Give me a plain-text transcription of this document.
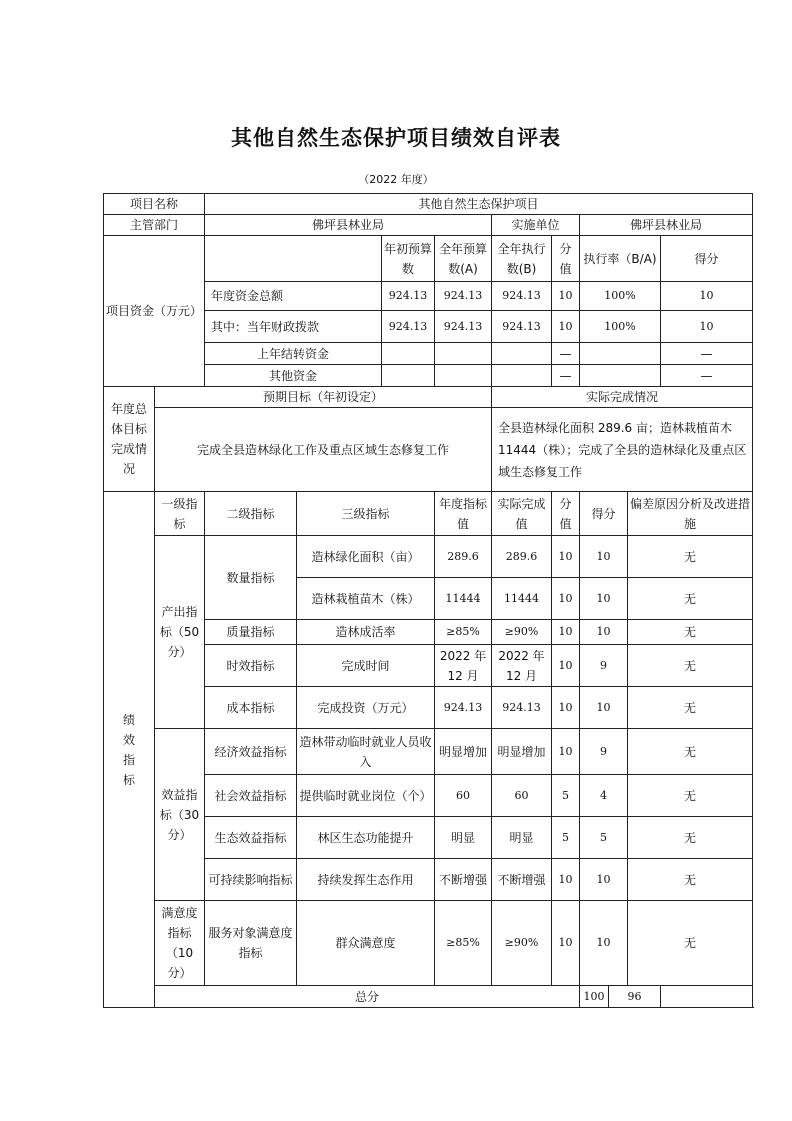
其他自然生态保护项目绩效自评表
（2022 年度）
项目名称		其他自然生态保护项目									
主管部门		佛坪县林业局				实施单位		佛坪县林业局			
项目资金（万元）				年初预算数	全年预算数(A)	全年执行数(B)	分值	执行率（B/A)			得分
		年度资金总额		924.13	924.13	924.13	10	100%			10
		其中：当年财政拨款		924.13	924.13	924.13	10	100%			10
		上年结转资金					—				—
		其他资金					—				—
年度总体目标完成情况	预期目标（年初设定）					实际完成情况					
	完成全县造林绿化工作及重点区域生态修复工作					全县造林绿化面积 289.6 亩；造林栽植苗木 11444（株）；完成了全县的造林绿化及重点区域生态修复工作					
绩效指标	一级指标	二级指标	三级指标		年度指标值	实际完成值	分值	得分		偏差原因分析及改进措施	
	产出指标（50分）	数量指标	造林绿化面积（亩）		289.6	289.6	10	10		无	
			造林栽植苗木（株）		11444	11444	10	10		无	
		质量指标	造林成活率		≥85%	≥90%	10	10		无	
		时效指标	完成时间		2022 年 12 月	2022 年 12 月	10	9		无	
		成本指标	完成投资（万元）		924.13	924.13	10	10		无	
	效益指标（30分）	经济效益指标	造林带动临时就业人员收入		明显增加	明显增加	10	9		无	
		社会效益指标	提供临时就业岗位（个）		60	60	5	4		无	
		生态效益指标	林区生态功能提升		明显	明显	5	5		无	
		可持续影响指标	持续发挥生态作用		不断增强	不断增强	10	10		无	
	满意度指标（10分）	服务对象满意度指标	群众满意度		≥85%	≥90%	10	10		无	
	总分							100	96		
